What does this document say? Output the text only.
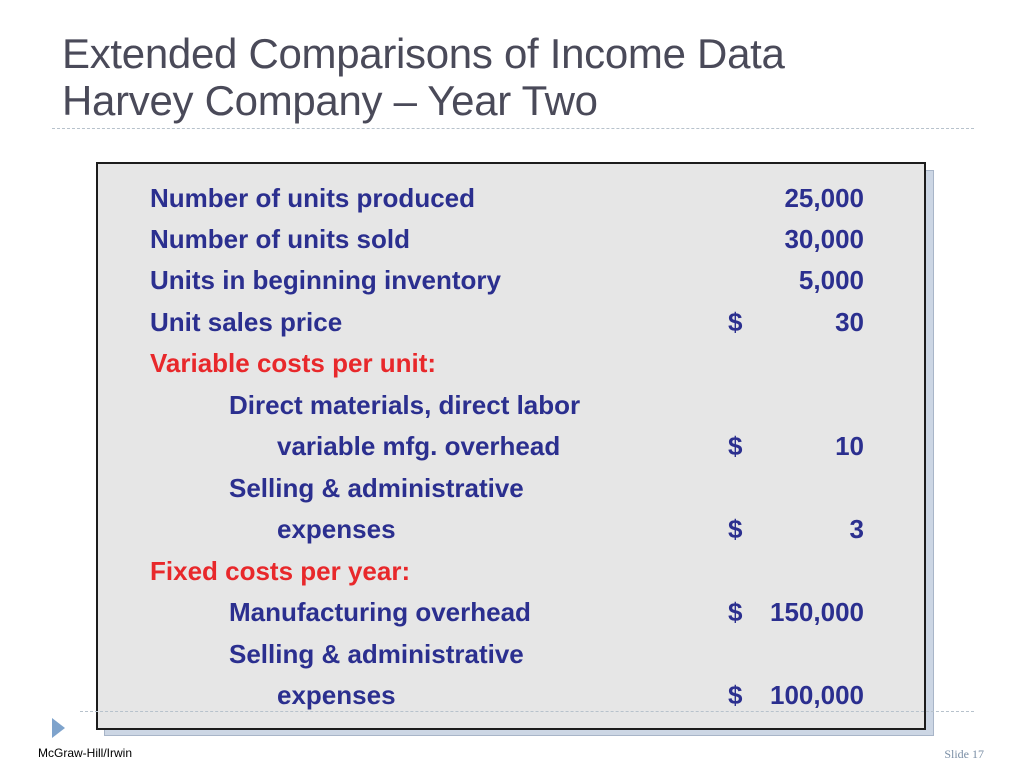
Extended Comparisons of Income Data
Harvey Company – Year Two
Number of units produced	25,000
Number of units sold	30,000
Units in beginning inventory	5,000
Unit sales price	$	30
Variable costs per unit:
Direct materials, direct labor
variable mfg. overhead	$	10
Selling & administrative
expenses	$	3
Fixed costs per year:
Manufacturing overhead	$ 150,000
Selling & administrative
expenses	$ 100,000
McGraw-Hill/Irwin	Slide 17
